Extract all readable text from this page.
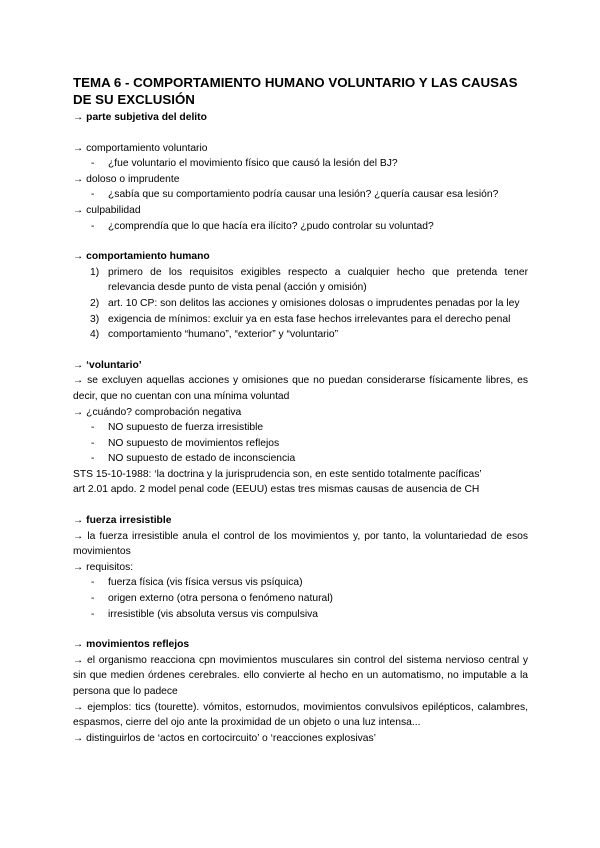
TEMA 6 - COMPORTAMIENTO HUMANO VOLUNTARIO Y LAS CAUSAS DE SU EXCLUSIÓN

→ parte subjetiva del delito

→ comportamiento voluntario

- ¿fue voluntario el movimiento físico que causó la lesión del BJ?

→ doloso o imprudente

- ¿sabía que su comportamiento podría causar una lesión? ¿quería causar esa lesión?

→ culpabilidad

- ¿comprendía que lo que hacía era ilícito? ¿pudo controlar su voluntad?

→ comportamiento humano

1) primero de los requisitos exigibles respecto a cualquier hecho que pretenda tener relevancia desde punto de vista penal (acción y omisión)
2) art. 10 CP: son delitos las acciones y omisiones dolosas o imprudentes penadas por la ley
3) exigencia de mínimos: excluir ya en esta fase hechos irrelevantes para el derecho penal
4) comportamiento “humano”, “exterior” y “voluntario”

→ ‘voluntario’

→ se excluyen aquellas acciones y omisiones que no puedan considerarse físicamente libres, es decir, que no cuentan con una mínima voluntad

→ ¿cuándo? comprobación negativa

- NO supuesto de fuerza irresistible
- NO supuesto de movimientos reflejos
- NO supuesto de estado de inconsciencia

STS 15-10-1988: ‘la doctrina y la jurisprudencia son, en este sentido totalmente pacíficas’

art 2.01 apdo. 2 model penal code (EEUU) estas tres mismas causas de ausencia de CH

→ fuerza irresistible

→ la fuerza irresistible anula el control de los movimientos y, por tanto, la voluntariedad de esos movimientos

→ requisitos:

- fuerza física (vis física versus vis psíquica)
- origen externo (otra persona o fenómeno natural)
- irresistible (vis absoluta versus vis compulsiva

→ movimientos reflejos

→ el organismo reacciona cpn movimientos musculares sin control del sistema nervioso central y sin que medien órdenes cerebrales. ello convierte al hecho en un automatismo, no imputable a la persona que lo padece

→ ejemplos: tics (tourette). vómitos, estornudos, movimientos convulsivos epilépticos, calambres, espasmos, cierre del ojo ante la proximidad de un objeto o una luz intensa...

→ distinguirlos de ‘actos en cortocircuito’ o ‘reacciones explosivas’
